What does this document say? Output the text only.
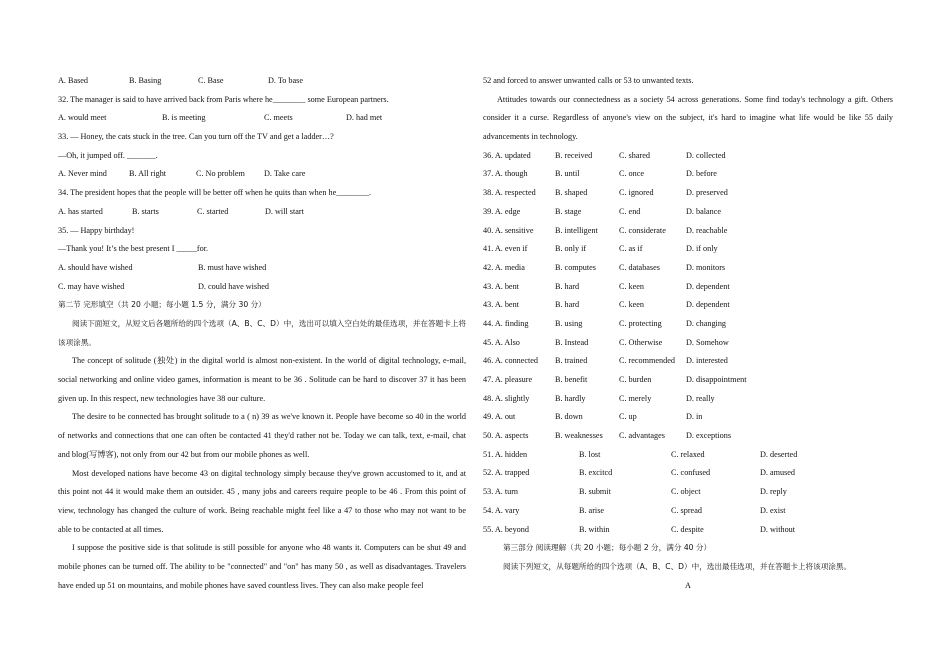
A. Based	B. Basing	C. Base	D. To base
32. The manager is said to have arrived back from Paris where he________ some European partners.
A. would meet	B. is meeting	C. meets	D. had met
33. — Honey, the cats stuck in the tree. Can you turn off the TV and get a ladder…?
—Oh, it jumped off. _______.
A. Never mind	B. All right	C. No problem D. Take care
34. The president hopes that the people will be better off when he quits than when he________.
A. has started	B. starts	C. started	D. will start
35. — Happy birthday!
—Thank you! It’s the best present I _____for.
A. should have wished	B. must have wished
C. may have wished	D. could have wished
第二节 完形填空（共 20 小题；每小题 1.5 分，满分 30 分）
阅读下面短文，从短文后各题所给的四个选项（A、B、C、D）中，选出可以填入空白处的最佳选项，并在答题卡上将该项涂黑。
The concept of solitude (独处) in the digital world is almost non-existent. In the world of digital technology, e-mail, social networking and online video games, information is meant to be 36 . Solitude can be hard to discover 37 it has been given up. In this respect, new technologies have 38 our culture.
The desire to be connected has brought solitude to a ( n) 39 as we've known it. People have become so 40 in the world of networks and connections that one can often be contacted 41 they'd rather not be. Today we can talk, text, e-mail, chat and blog(写博客), not only from our 42 but from our mobile phones as well.
Most developed nations have become 43 on digital technology simply because they've grown accustomed to it, and at this point not 44 it would make them an outsider. 45 , many jobs and careers require people to be 46 . From this point of view, technology has changed the culture of work. Being reachable might feel like a 47 to those who may not want to be able to be contacted at all times.
I suppose the positive side is that solitude is still possible for anyone who 48 wants it. Computers can be shut 49 and mobile phones can be turned off. The ability to be "connected" and "on" has many 50 , as well as disadvantages. Travelers have ended up 51 on mountains, and mobile phones have saved countless lives. They can also make people feel
52 and forced to answer unwanted calls or 53 to unwanted texts.
Attitudes towards our connectedness as a society 54 across generations. Some find today's technology a gift. Others consider it a curse. Regardless of anyone's view on the subject, it's hard to imagine what life would be like 55 daily advancements in technology.
36. A. updated	B. received	C. shared	D. collected
37. A. though	B. until	C. once	D. before
38. A. respected B. shaped	C. ignored	D. preserved
39. A. edge	B. stage	C. end	D. balance
40. A. sensitive	B. intelligent	C. considerate D. reachable
41. A. even if	B. only if	C. as if	D. if only
42. A. media	B. computes	C. databases	D. monitors
43. A. bent	B. hard	C. keen	D. dependent
43. A. bent	B. hard	C. keen	D. dependent
44. A. finding	B. using	C. protecting	D. changing
45. A. Also	B. Instead	C. Otherwise	D. Somehow
46. A. connected B. trained	C. recommended D. interested
47. A. pleasure	B. benefit	C. burden	D. disappointment
48. A. slightly	B. hardly	C. merely	D. really
49. A. out	B. down	C. up	D. in
50. A. aspects	B. weaknesses C. advantages	D. exceptions
51. A. hidden	B. lost	C. relaxed	D. deserted
52. A. trapped	B. excitcd	C. confused	D. amused
53. A. turn	B. submit	C. object	D. reply
54. A. vary	B. arise	C. spread	D. exist
55. A. beyond	B. within	C. despite	D. without
第三部分 阅读理解（共 20 小题；每小题 2 分，满分 40 分）
阅读下列短文，从每题所给的四个选项（A、B、C、D）中，选出最佳选项，并在答题卡上将该项涂黑。
A
